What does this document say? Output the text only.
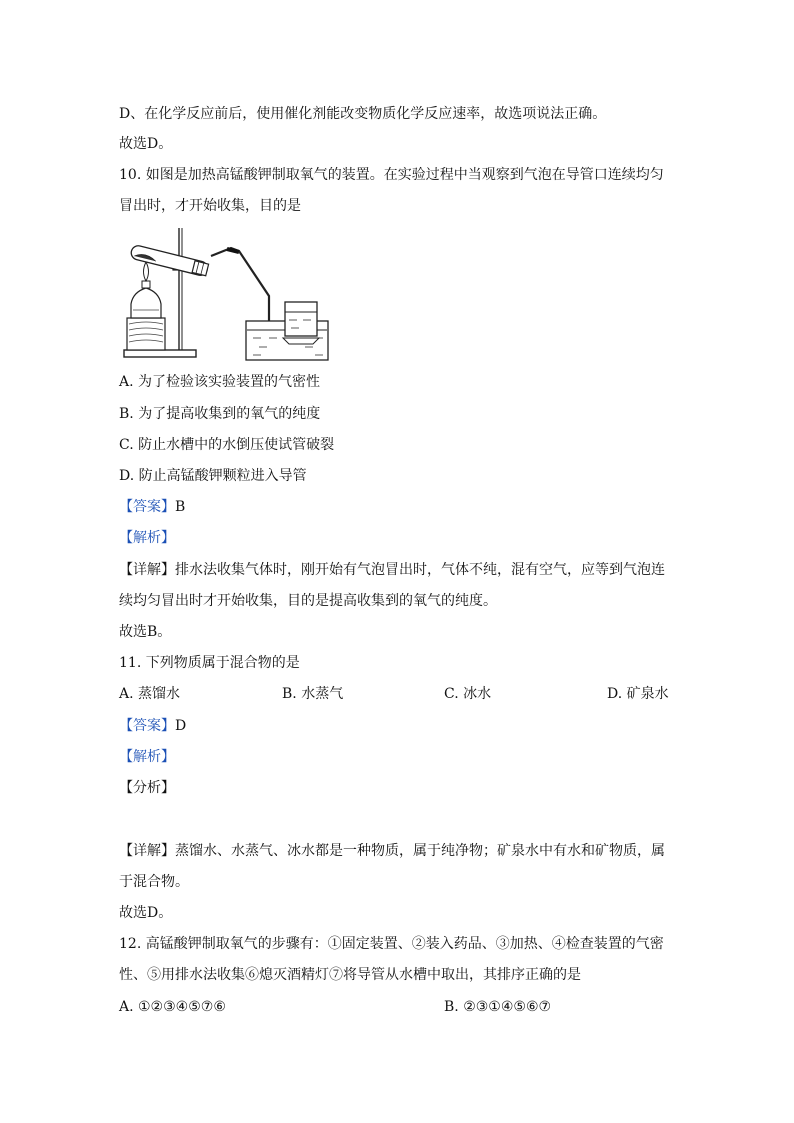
D、在化学反应前后，使用催化剂能改变物质化学反应速率，故选项说法正确。
故选D。
10. 如图是加热高锰酸钾制取氧气的装置。在实验过程中当观察到气泡在导管口连续均匀
冒出时，才开始收集，目的是
A. 为了检验该实验装置的气密性
B. 为了提高收集到的氧气的纯度
C. 防止水槽中的水倒压使试管破裂
D. 防止高锰酸钾颗粒进入导管
【答案】B
【解析】
【详解】排水法收集气体时，刚开始有气泡冒出时，气体不纯，混有空气，应等到气泡连
续均匀冒出时才开始收集，目的是提高收集到的氧气的纯度。
故选B。
11. 下列物质属于混合物的是
A. 蒸馏水	B. 水蒸气	C. 冰水	D. 矿泉水
【答案】D
【解析】
【分析】
【详解】蒸馏水、水蒸气、冰水都是一种物质，属于纯净物；矿泉水中有水和矿物质，属
于混合物。
故选D。
12. 高锰酸钾制取氧气的步骤有：①固定装置、②装入药品、③加热、④检查装置的气密
性、⑤用排水法收集⑥熄灭酒精灯⑦将导管从水槽中取出，其排序正确的是
A. ①②③④⑤⑦⑥	B. ②③①④⑤⑥⑦
